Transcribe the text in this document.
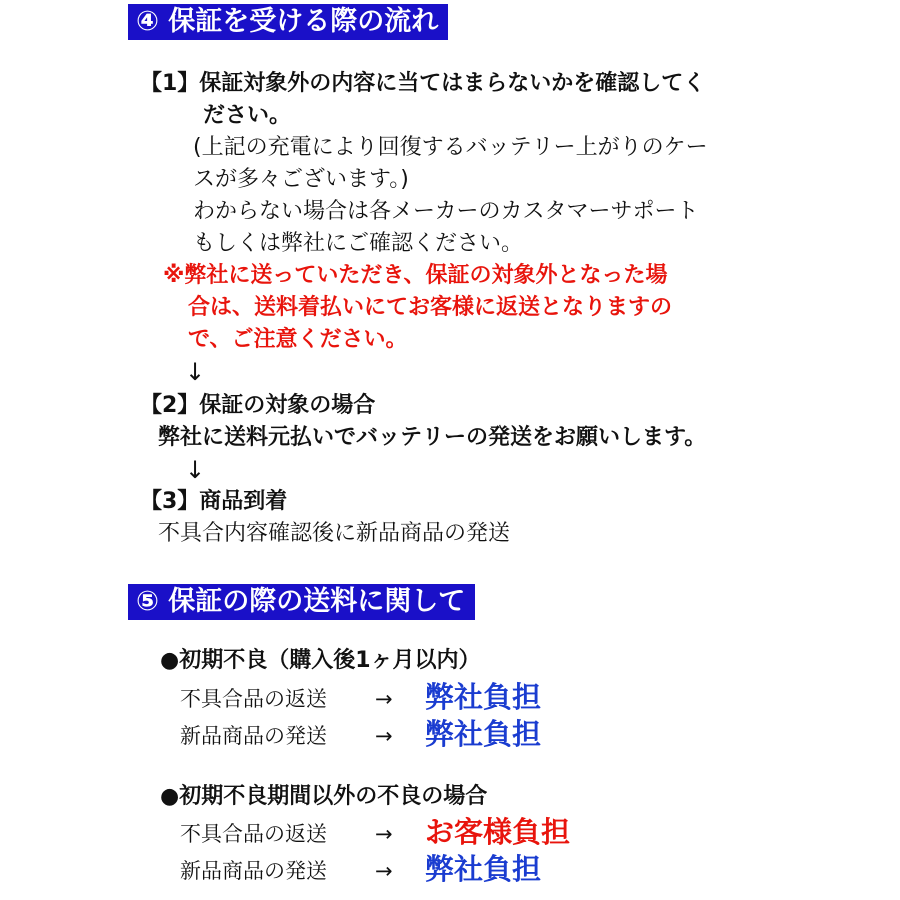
④ 保証を受ける際の流れ
【1】保証対象外の内容に当てはまらないかを確認してく
ださい。
(上記の充電により回復するバッテリー上がりのケー
スが多々ございます。)
わからない場合は各メーカーのカスタマーサポート
もしくは弊社にご確認ください。
※弊社に送っていただき、保証の対象外となった場
合は、送料着払いにてお客様に返送となりますの
で、ご注意ください。
↓
【2】保証の対象の場合
弊社に送料元払いでバッテリーの発送をお願いします。
↓
【3】商品到着
不具合内容確認後に新品商品の発送
⑤ 保証の際の送料に関して
●初期不良（購入後1ヶ月以内）
不具合品の返送 → 弊社負担
新品商品の発送 → 弊社負担
●初期不良期間以外の不良の場合
不具合品の返送 → お客様負担
新品商品の発送 → 弊社負担
